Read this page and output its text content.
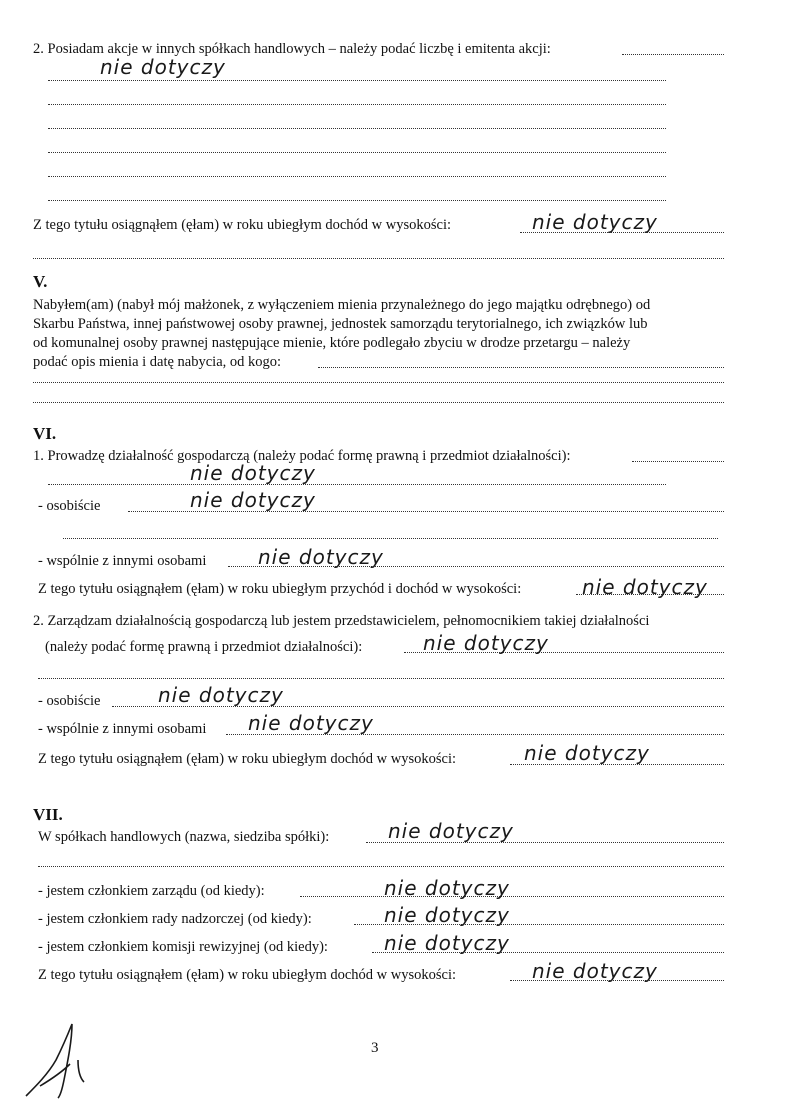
2. Posiadam akcje w innych spółkach handlowych – należy podać liczbę i emitenta akcji:
nie dotyczy
Z tego tytułu osiągnąłem (ęłam) w roku ubiegłym dochód w wysokości:	nie dotyczy
V.
Nabyłem(am) (nabył mój małżonek, z wyłączeniem mienia przynależnego do jego majątku odrębnego) od
Skarbu Państwa, innej państwowej osoby prawnej, jednostek samorządu terytorialnego, ich związków lub
od komunalnej osoby prawnej następujące mienie, które podlegało zbyciu w drodze przetargu – należy
podać opis mienia i datę nabycia, od kogo:
VI.
1. Prowadzę działalność gospodarczą (należy podać formę prawną i przedmiot działalności):
nie dotyczy
- osobiście	nie dotyczy
- wspólnie z innymi osobami	nie dotyczy
Z tego tytułu osiągnąłem (ęłam) w roku ubiegłym przychód i dochód w wysokości:	nie dotyczy
2. Zarządzam działalnością gospodarczą lub jestem przedstawicielem, pełnomocnikiem takiej działalności
(należy podać formę prawną i przedmiot działalności):	nie dotyczy
- osobiście	nie dotyczy
- wspólnie z innymi osobami nie dotyczy
Z tego tytułu osiągnąłem (ęłam) w roku ubiegłym dochód w wysokości:	nie dotyczy
VII.
W spółkach handlowych (nazwa, siedziba spółki):	nie dotyczy
- jestem członkiem zarządu (od kiedy):	nie dotyczy
- jestem członkiem rady nadzorczej (od kiedy):	nie dotyczy
- jestem członkiem komisji rewizyjnej (od kiedy):	nie dotyczy
Z tego tytułu osiągnąłem (ęłam) w roku ubiegłym dochód w wysokości:	nie dotyczy
3
